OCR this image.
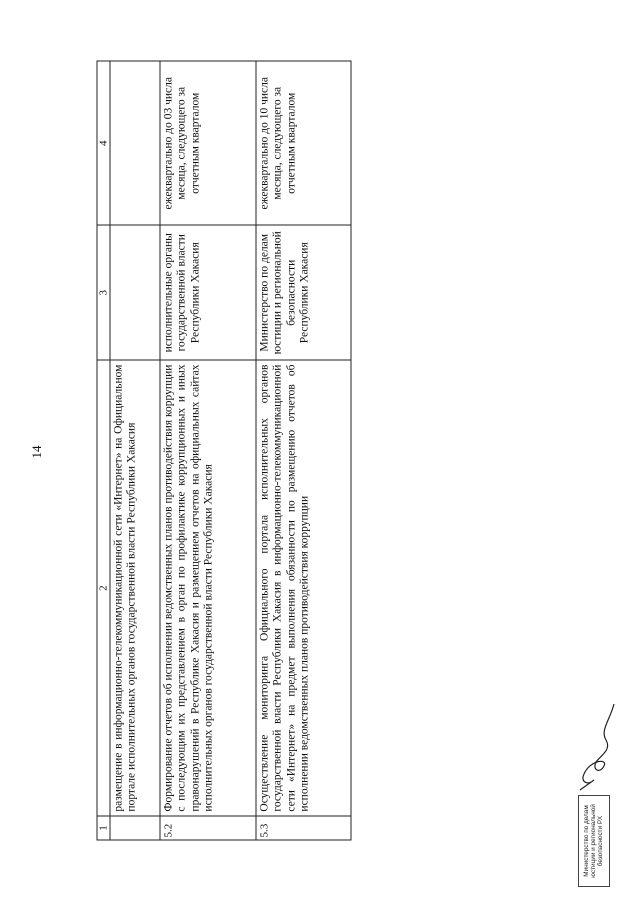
14
1	2	3	4
	размещение в информационно-телекоммуникационной сети «Интернет» на Официальном портале исполнительных органов государственной власти Республики Хакасия		
5.2	Формирование отчетов об исполнении ведомственных планов противодействия коррупции с последующим их представлением в орган по профилактике коррупционных и иных правонарушений в Республике Хакасия и размещением отчетов на официальных сайтах исполнительных органов государственной власти Республики Хакасия	исполнительные органы государственной власти Республики Хакасия	ежеквартально до 03 числа месяца, следующего за отчетным кварталом
5.3	Осуществление мониторинга Официального портала исполнительных органов государственной власти Республики Хакасия в информационно-телекоммуникационной сети «Интернет» на предмет выполнения обязанности по размещению отчетов об исполнении ведомственных планов противодействия коррупции	Министерство по делам юстиции и региональной безопасности Республики Хакасия	ежеквартально до 10 числа месяца, следующего за отчетным кварталом
Министерство по делам юстиции и региональной безопасности РХ
